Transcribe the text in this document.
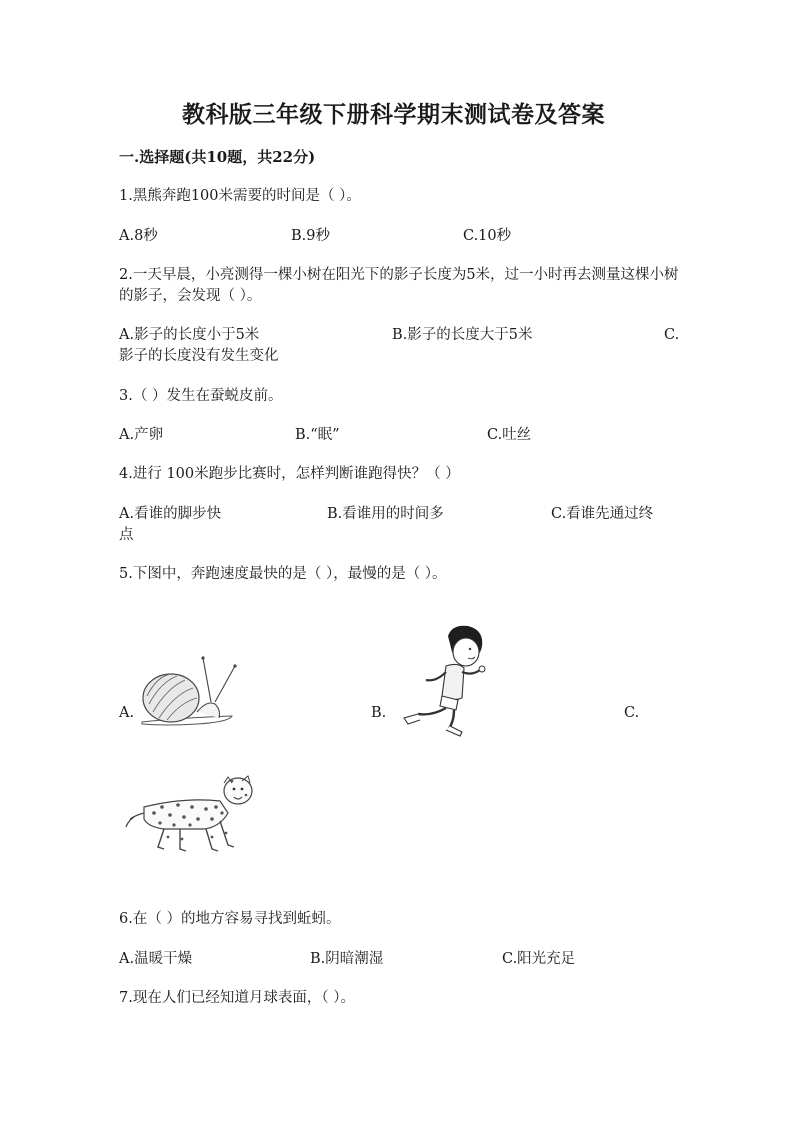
教科版三年级下册科学期末测试卷及答案
一.选择题(共10题，共22分)
1.黑熊奔跑100米需要的时间是（ ）。
A.8秒	B.9秒	C.10秒
2.一天早晨，小亮测得一棵小树在阳光下的影子长度为5米，过一小时再去测量这棵小树的影子，会发现（ ）。
A.影子的长度小于5米	B.影子的长度大于5米	C.
影子的长度没有发生变化
3.（ ）发生在蚕蜕皮前。
A.产卵	B.“眠”	C.吐丝
4.进行 100米跑步比赛时，怎样判断谁跑得快？（ ）
A.看谁的脚步快	B.看谁用的时间多	C.看谁先通过终
点
5.下图中，奔跑速度最快的是（ ），最慢的是（ ）。
A.	B.	C.
6.在（ ）的地方容易寻找到蚯蚓。
A.温暖干燥	B.阴暗潮湿	C.阳光充足
7.现在人们已经知道月球表面，（ ）。
